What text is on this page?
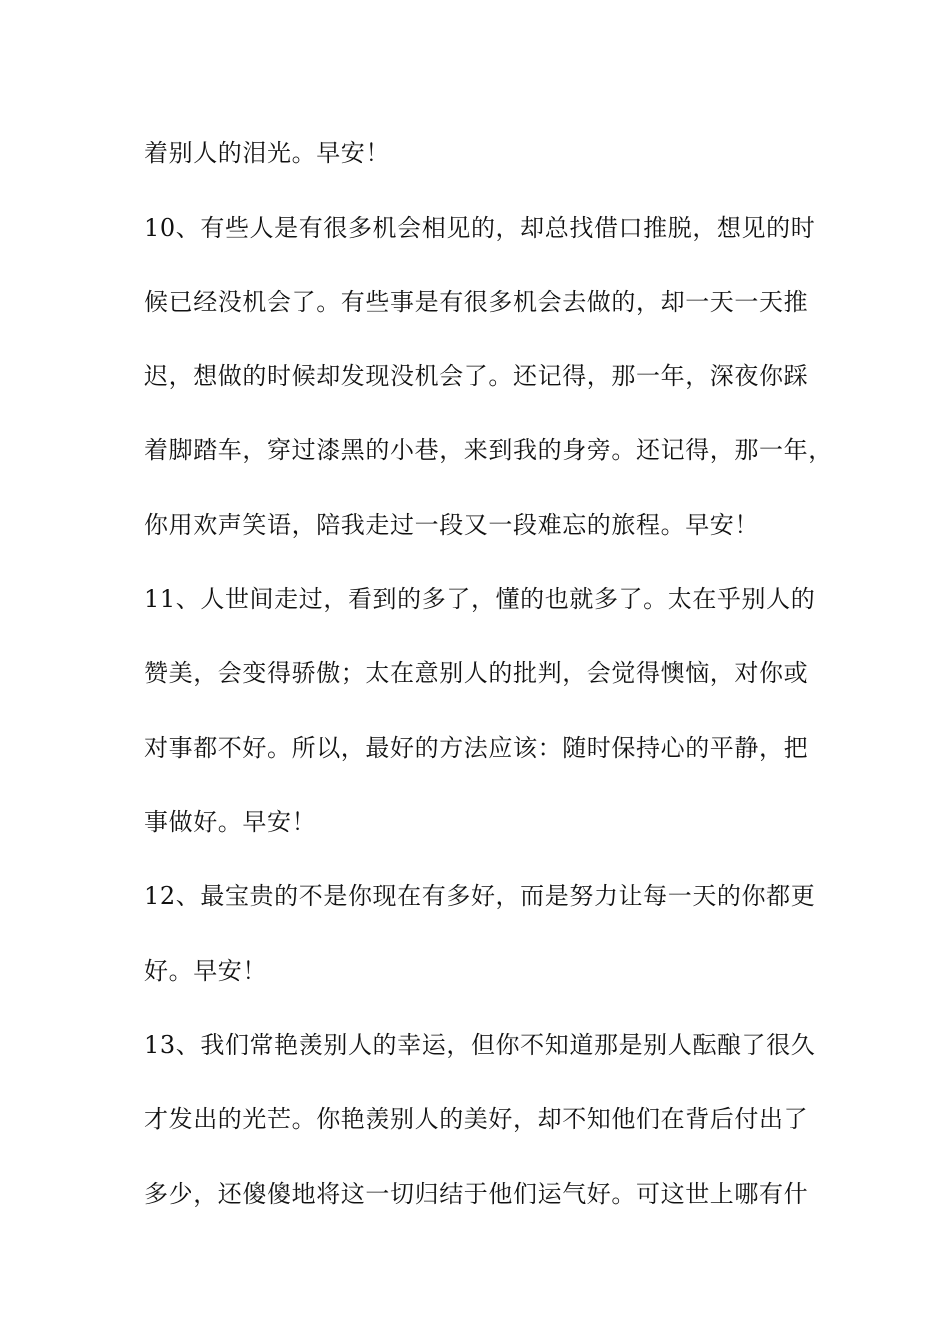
着别人的泪光。早安！
10、有些人是有很多机会相见的，却总找借口推脱，想见的时
候已经没机会了。有些事是有很多机会去做的，却一天一天推
迟，想做的时候却发现没机会了。还记得，那一年，深夜你踩
着脚踏车，穿过漆黑的小巷，来到我的身旁。还记得，那一年，
你用欢声笑语，陪我走过一段又一段难忘的旅程。早安！
11、人世间走过，看到的多了，懂的也就多了。太在乎别人的
赞美，会变得骄傲；太在意别人的批判，会觉得懊恼，对你或
对事都不好。所以，最好的方法应该：随时保持心的平静，把
事做好。早安！
12、最宝贵的不是你现在有多好，而是努力让每一天的你都更
好。早安！
13、我们常艳羡别人的幸运，但你不知道那是别人酝酿了很久
才发出的光芒。你艳羡别人的美好，却不知他们在背后付出了
多少，还傻傻地将这一切归结于他们运气好。可这世上哪有什
